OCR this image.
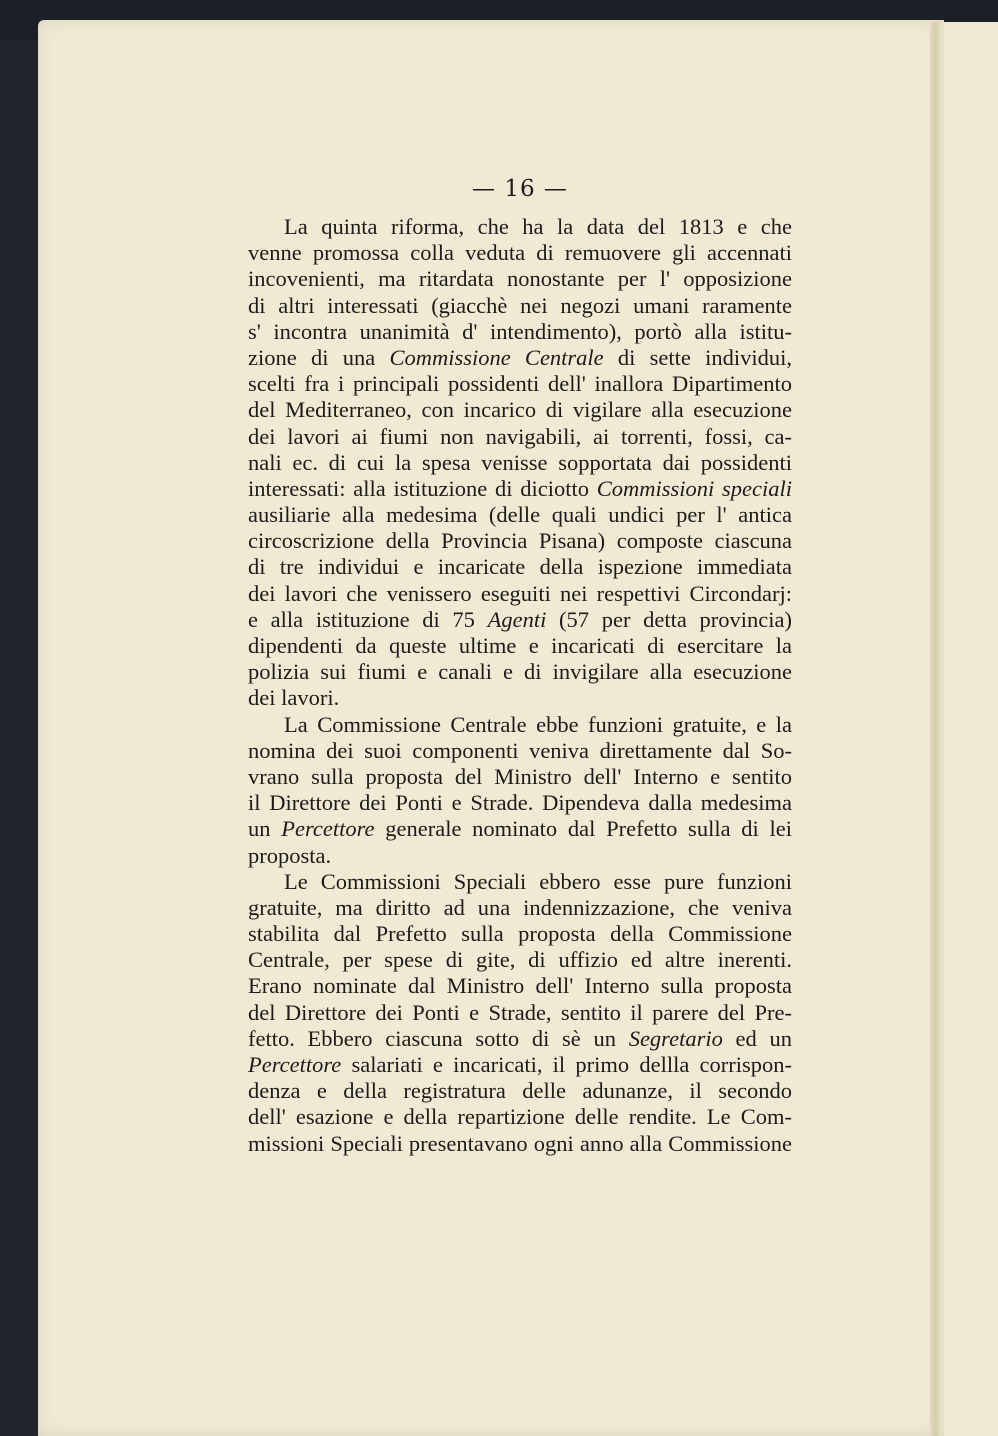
— 16 —
La quinta riforma, che ha la data del 1813 e che
venne promossa colla veduta di remuovere gli accennati
incovenienti, ma ritardata nonostante per l' opposizione
di altri interessati (giacchè nei negozi umani raramente
s' incontra unanimità d' intendimento), portò alla istitu-
zione di una Commissione Centrale di sette individui,
scelti fra i principali possidenti dell' inallora Dipartimento
del Mediterraneo, con incarico di vigilare alla esecuzione
dei lavori ai fiumi non navigabili, ai torrenti, fossi, ca-
nali ec. di cui la spesa venisse sopportata dai possidenti
interessati: alla istituzione di diciotto Commissioni speciali
ausiliarie alla medesima (delle quali undici per l' antica
circoscrizione della Provincia Pisana) composte ciascuna
di tre individui e incaricate della ispezione immediata
dei lavori che venissero eseguiti nei respettivi Circondarj:
e alla istituzione di 75 Agenti (57 per detta provincia)
dipendenti da queste ultime e incaricati di esercitare la
polizia sui fiumi e canali e di invigilare alla esecuzione
dei lavori.
La Commissione Centrale ebbe funzioni gratuite, e la
nomina dei suoi componenti veniva direttamente dal So-
vrano sulla proposta del Ministro dell' Interno e sentito
il Direttore dei Ponti e Strade. Dipendeva dalla medesima
un Percettore generale nominato dal Prefetto sulla di lei
proposta.
Le Commissioni Speciali ebbero esse pure funzioni
gratuite, ma diritto ad una indennizzazione, che veniva
stabilita dal Prefetto sulla proposta della Commissione
Centrale, per spese di gite, di uffizio ed altre inerenti.
Erano nominate dal Ministro dell' Interno sulla proposta
del Direttore dei Ponti e Strade, sentito il parere del Pre-
fetto. Ebbero ciascuna sotto di sè un Segretario ed un
Percettore salariati e incaricati, il primo dellla corrispon-
denza e della registratura delle adunanze, il secondo
dell' esazione e della repartizione delle rendite. Le Com-
missioni Speciali presentavano ogni anno alla Commissione
